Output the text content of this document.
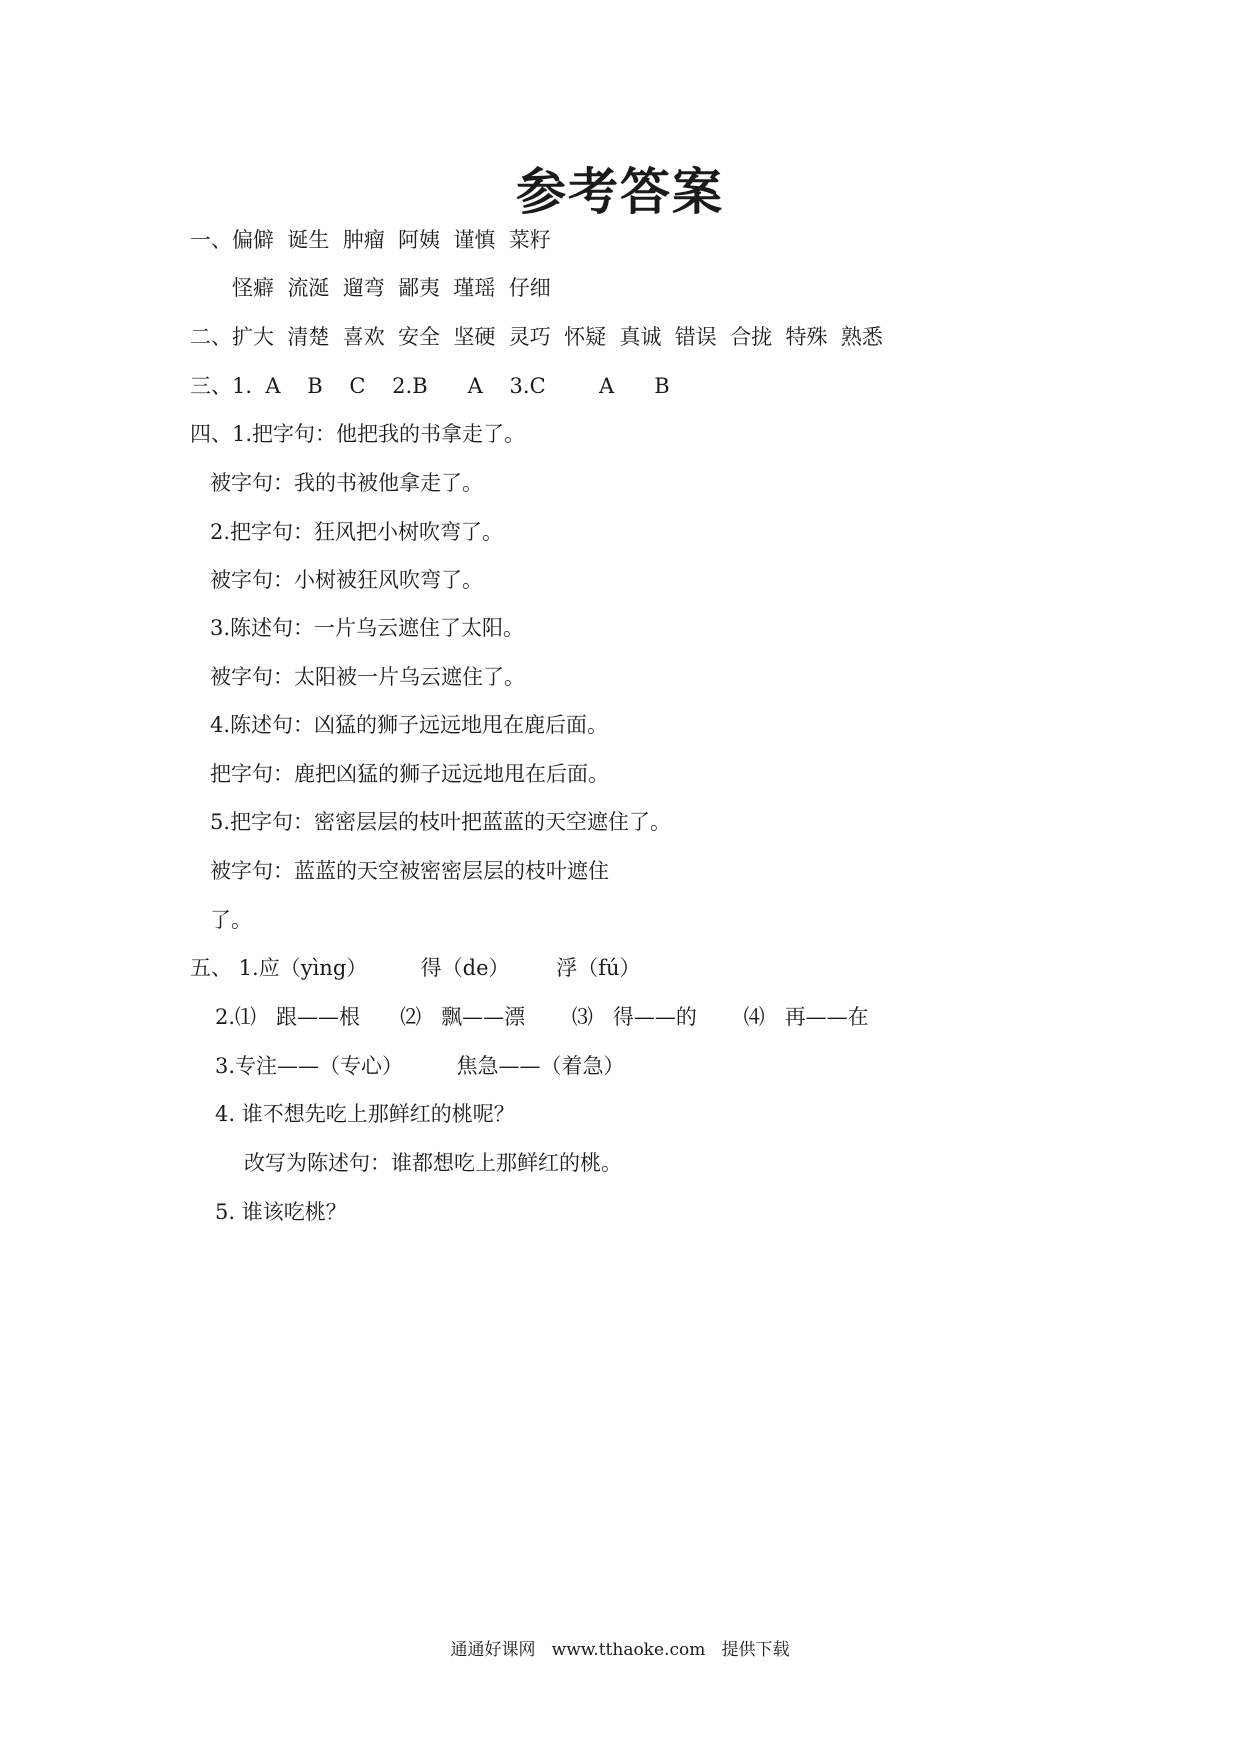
参考答案
一、偏僻  诞生  肿瘤  阿姨  谨慎  菜籽
怪癖  流涎  遛弯  鄙夷  瑾瑶  仔细
二、扩大  清楚  喜欢  安全  坚硬  灵巧  怀疑  真诚  错误  合拢  特殊  熟悉
三、1.  A    B    C    2.B      A    3.C        A      B
四、1.把字句：他把我的书拿走了。
被字句：我的书被他拿走了。
2.把字句：狂风把小树吹弯了。
被字句：小树被狂风吹弯了。
3.陈述句：一片乌云遮住了太阳。
被字句：太阳被一片乌云遮住了。
4.陈述句：凶猛的狮子远远地甩在鹿后面。
把字句：鹿把凶猛的狮子远远地甩在后面。
5.把字句：密密层层的枝叶把蓝蓝的天空遮住了。
被字句：蓝蓝的天空被密密层层的枝叶遮住
了。
五、 1.应（yìng）        得（de）       浮（fú）
2.⑴   跟——根      ⑵   飘——漂       ⑶   得——的       ⑷   再——在
3.专注——（专心）        焦急——（着急）
4. 谁不想先吃上那鲜红的桃呢？
改写为陈述句：谁都想吃上那鲜红的桃。
5. 谁该吃桃？
通通好课网   www.tthaoke.com   提供下载
